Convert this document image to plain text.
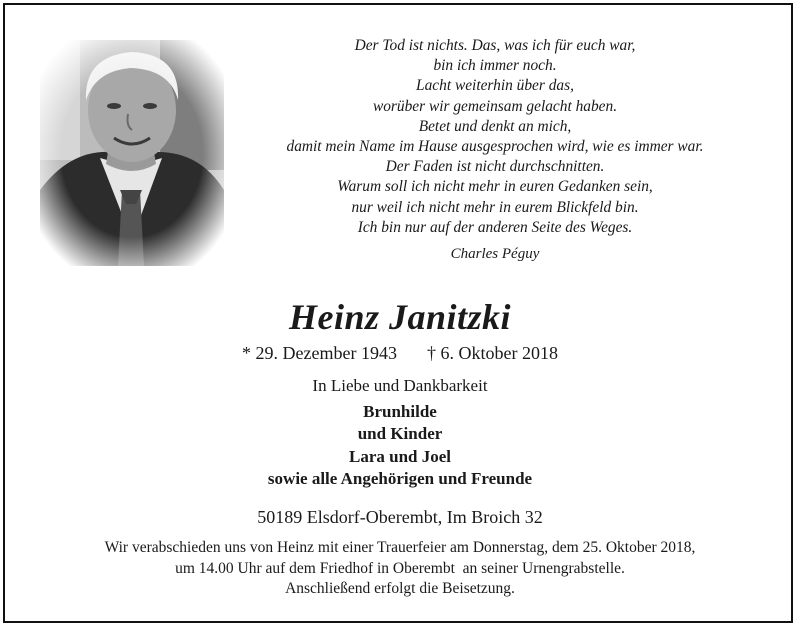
Der Tod ist nichts. Das, was ich für euch war,
bin ich immer noch.
Lacht weiterhin über das,
worüber wir gemeinsam gelacht haben.
Betet und denkt an mich,
damit mein Name im Hause ausgesprochen wird, wie es immer war.
Der Faden ist nicht durchschnitten.
Warum soll ich nicht mehr in euren Gedanken sein,
nur weil ich nicht mehr in eurem Blickfeld bin.
Ich bin nur auf der anderen Seite des Weges.
Charles Péguy
Heinz Janitzki
* 29. Dezember 1943 † 6. Oktober 2018
In Liebe und Dankbarkeit
Brunhilde
und Kinder
Lara und Joel
sowie alle Angehörigen und Freunde
50189 Elsdorf-Oberembt, Im Broich 32
Wir verabschieden uns von Heinz mit einer Trauerfeier am Donnerstag, dem 25. Oktober 2018,
um 14.00 Uhr auf dem Friedhof in Oberembt  an seiner Urnengrabstelle.
Anschließend erfolgt die Beisetzung.
